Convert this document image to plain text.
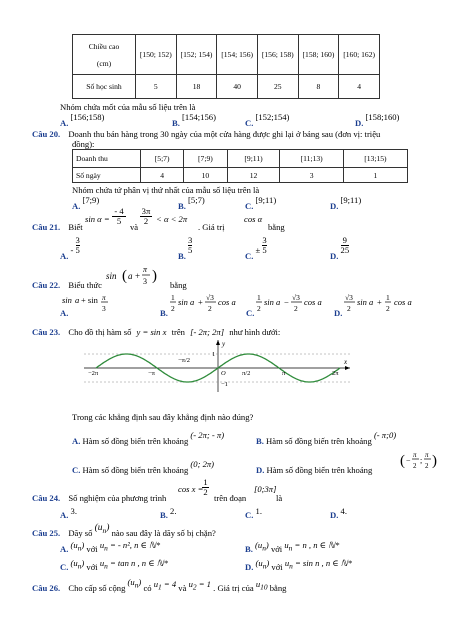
Chiều cao
(cm)	[150; 152)	[152; 154)	[154; 156)	[156; 158)	[158; 160)	[160; 162)
Số học sinh	5	18	40	25	8	4
Nhóm chứa mốt của mẫu số liệu trên là
A. [156;158)
B. [154;156)
C. [152;154)
D. [158;160)
Câu 20. Doanh thu bán hàng trong 30 ngày của một cửa hàng được ghi lại ở bảng sau (đơn vị: triệu
đồng):
Doanh thu	[5;7)	[7;9)	[9;11)	[11;13)	[13;15)
Số ngày	4	10	12	3	1
Nhóm chứa tứ phân vị thứ nhất của mẫu số liệu trên là
A. [7;9)
B. [5;7)
C. [9;11)
D. [9;11)
Câu 21. Biết
sin α =
- 4
5
và
3π
2 < α < 2π
. Giá trị
cos α
bằng
A. - $\frac{3}{5}$
B.
$\frac{3}{5}$
C. ± $\frac{3}{5}$
D.
$\frac{9}{25}$
Câu 22. Biểu thức
sin ( a +
π
3 )
bằng
A.
sin a + sin π
3	B.
1
2
sin a + √3
2
cos a
C.
1
2
sin a − √3
2
cos a
D.
√3
2
sin a + 1
2
cos a
Câu 23. Cho đồ thị hàm số y = sin x trên [- 2π; 2π] như hình dưới:
y
x
1
−1
O
−2π	−π
−π/2
π/2	π	2π
Trong các khẳng định sau đây khẳng định nào đúng?
A. Hàm số đồng biến trên khoảng (- 2π; - π)
B. Hàm số đồng biến trên khoảng (- π;0)
C. Hàm số đồng biến trên khoảng (0; 2π)
D. Hàm số đồng biến trên khoảng
( −
π
2
;
π
2 )
Câu 24. Số nghiệm của phương trình
cos x =
1
2
trên đoạn
[0;3π]
là
A. 3.	B. 2.	C. 1.	D. 4.
Câu 25. Dãy số $(u_n)$ nào sau đây là dãy số bị chặn?
A. $(u_n)$ với $u_n$ = - n², n ∈ ℕ*	B. $(u_n)$ với $u_n = n$ , n ∈ ℕ*
C. $(u_n)$ với $u_n = \tan n$ , n ∈ ℕ*	D. $(u_n)$ với $u_n = \sin n$ , n ∈ ℕ*
Câu 26. Cho cấp số cộng $(u_n)$ có $u_1 = 4$ và $u_2 = 1$ . Giá trị của $u_{10}$ bằng
